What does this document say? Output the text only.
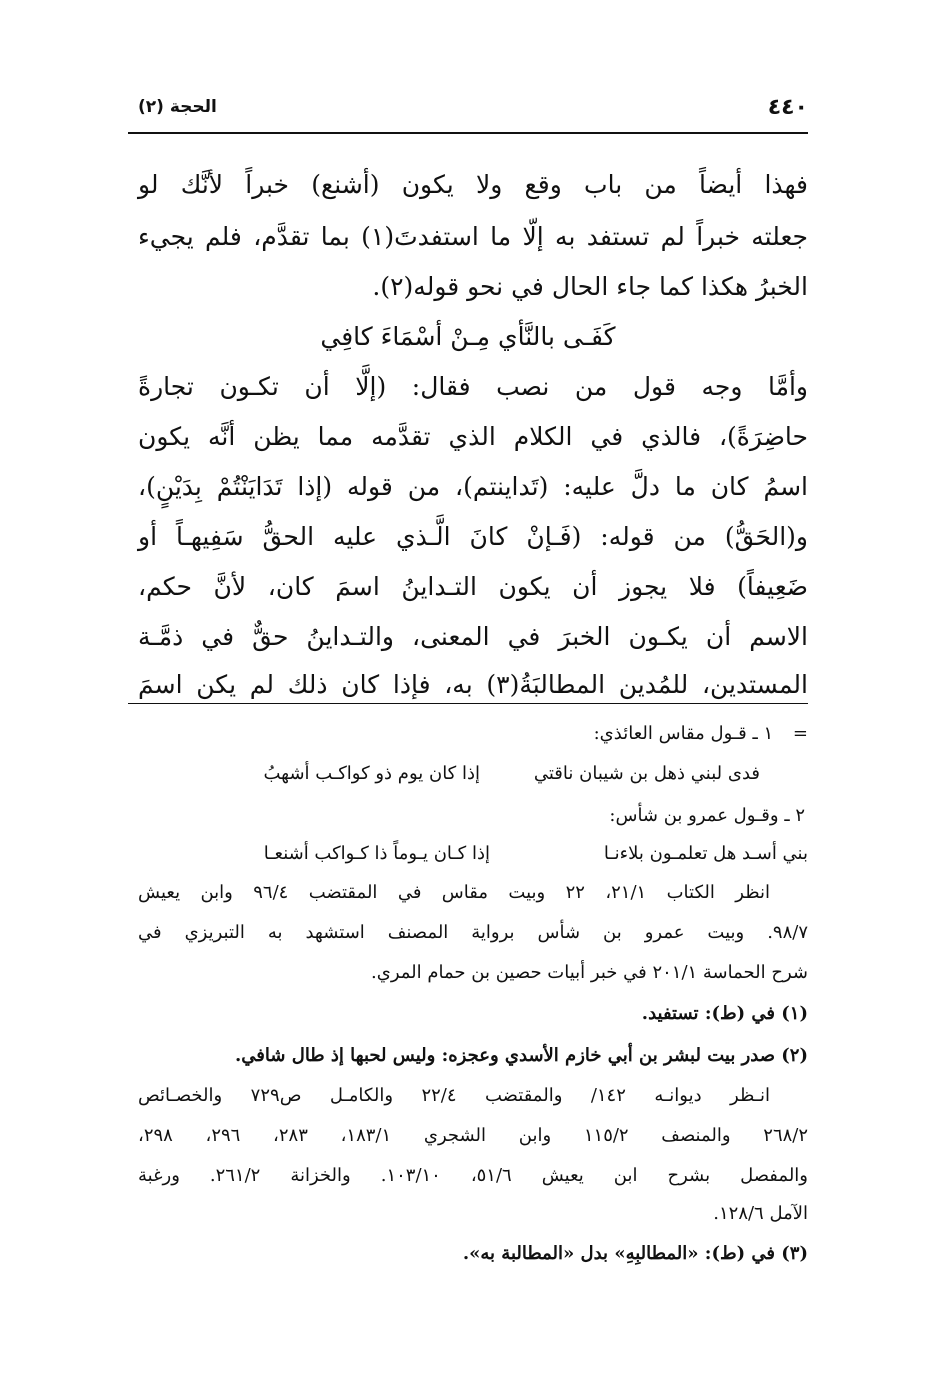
٤٤٠
الحجة (٢)
فهذا أيضاً من باب وقع ولا يكون (أشنع) خبراً لأنَّك لو
جعلته خبراً لم تستفد به إلّا ما استفدتَ(١) بما تقدَّم، فلم يجيء
الخبرُ هكذا كما جاء الحال في نحو قوله(٢).
كَفَـى بالنَّأي مِـنْ أسْمَاءَ كافِي
وأمَّا وجه قول من نصب فقال: (إلَّا أن تكـون تجارةً
حاضِرَةً)، فالذي في الكلام الذي تقدَّمه مما يظن أنَّه يكون
اسمُ كان ما دلَّ عليه: (تَداينتم)، من قوله (إذا تَدَايَنْتُمْ بِدَيْنٍ)،
و(الحَقُّ) من قوله: (فَـإنْ كانَ الَّـذي عليه الحقُّ سَفِيهـاً أو
ضَعِيفاً) فلا يجوز أن يكون التـداينُ اسمَ كان، لأنَّ حكم،
الاسم أن يكـون الخبرَ في المعنى، والتـداينُ حقٌّ في ذمَّـة
المستدين، للمُدين المطالبَةُ(٣) به، فإذا كان ذلك لم يكن اسمَ
= ١ ـ قـول مقاس العائذي:
فدى لبني ذهل بن شيبان ناقتي
إذا كان يوم ذو كواكـب أشهبُ
٢ ـ وقـول عمرو بن شأس:
بني أسـد هل تعلمـون بلاءنـا
إذا كـان يـوماً ذا كـواكب أشنعـا
انظر الكتاب ٢١/١، ٢٢ وبيت مقاس في المقتضب ٩٦/٤ وابن يعيش
٩٨/٧. وبيت عمرو بن شأس برواية المصنف استشهد به التبريزي في
شرح الحماسة ٢٠١/١ في خبر أبيات حصين بن حمام المري.
(١) في (ط): تستفيد.
(٢) صدر بيت لبشر بن أبي خازم الأسدي وعجزه: وليس لحبها إذ طال شافي.
انـظر ديوانـه ١٤٢/ والمقتضب ٢٢/٤ والكامـل ص٧٢٩ والخصـائص
٢٦٨/٢ والمنصف ١١٥/٢ وابن الشجري ١٨٣/١، ٢٨٣، ٢٩٦، ٢٩٨،
والمفصل بشرح ابن يعيش ٥١/٦، ١٠٣/١٠. والخزانة ٢٦١/٢. ورغبة
الآمل ١٢٨/٦.
(٣) في (ط): «المطالبِهِ» بدل «المطالبة به».
